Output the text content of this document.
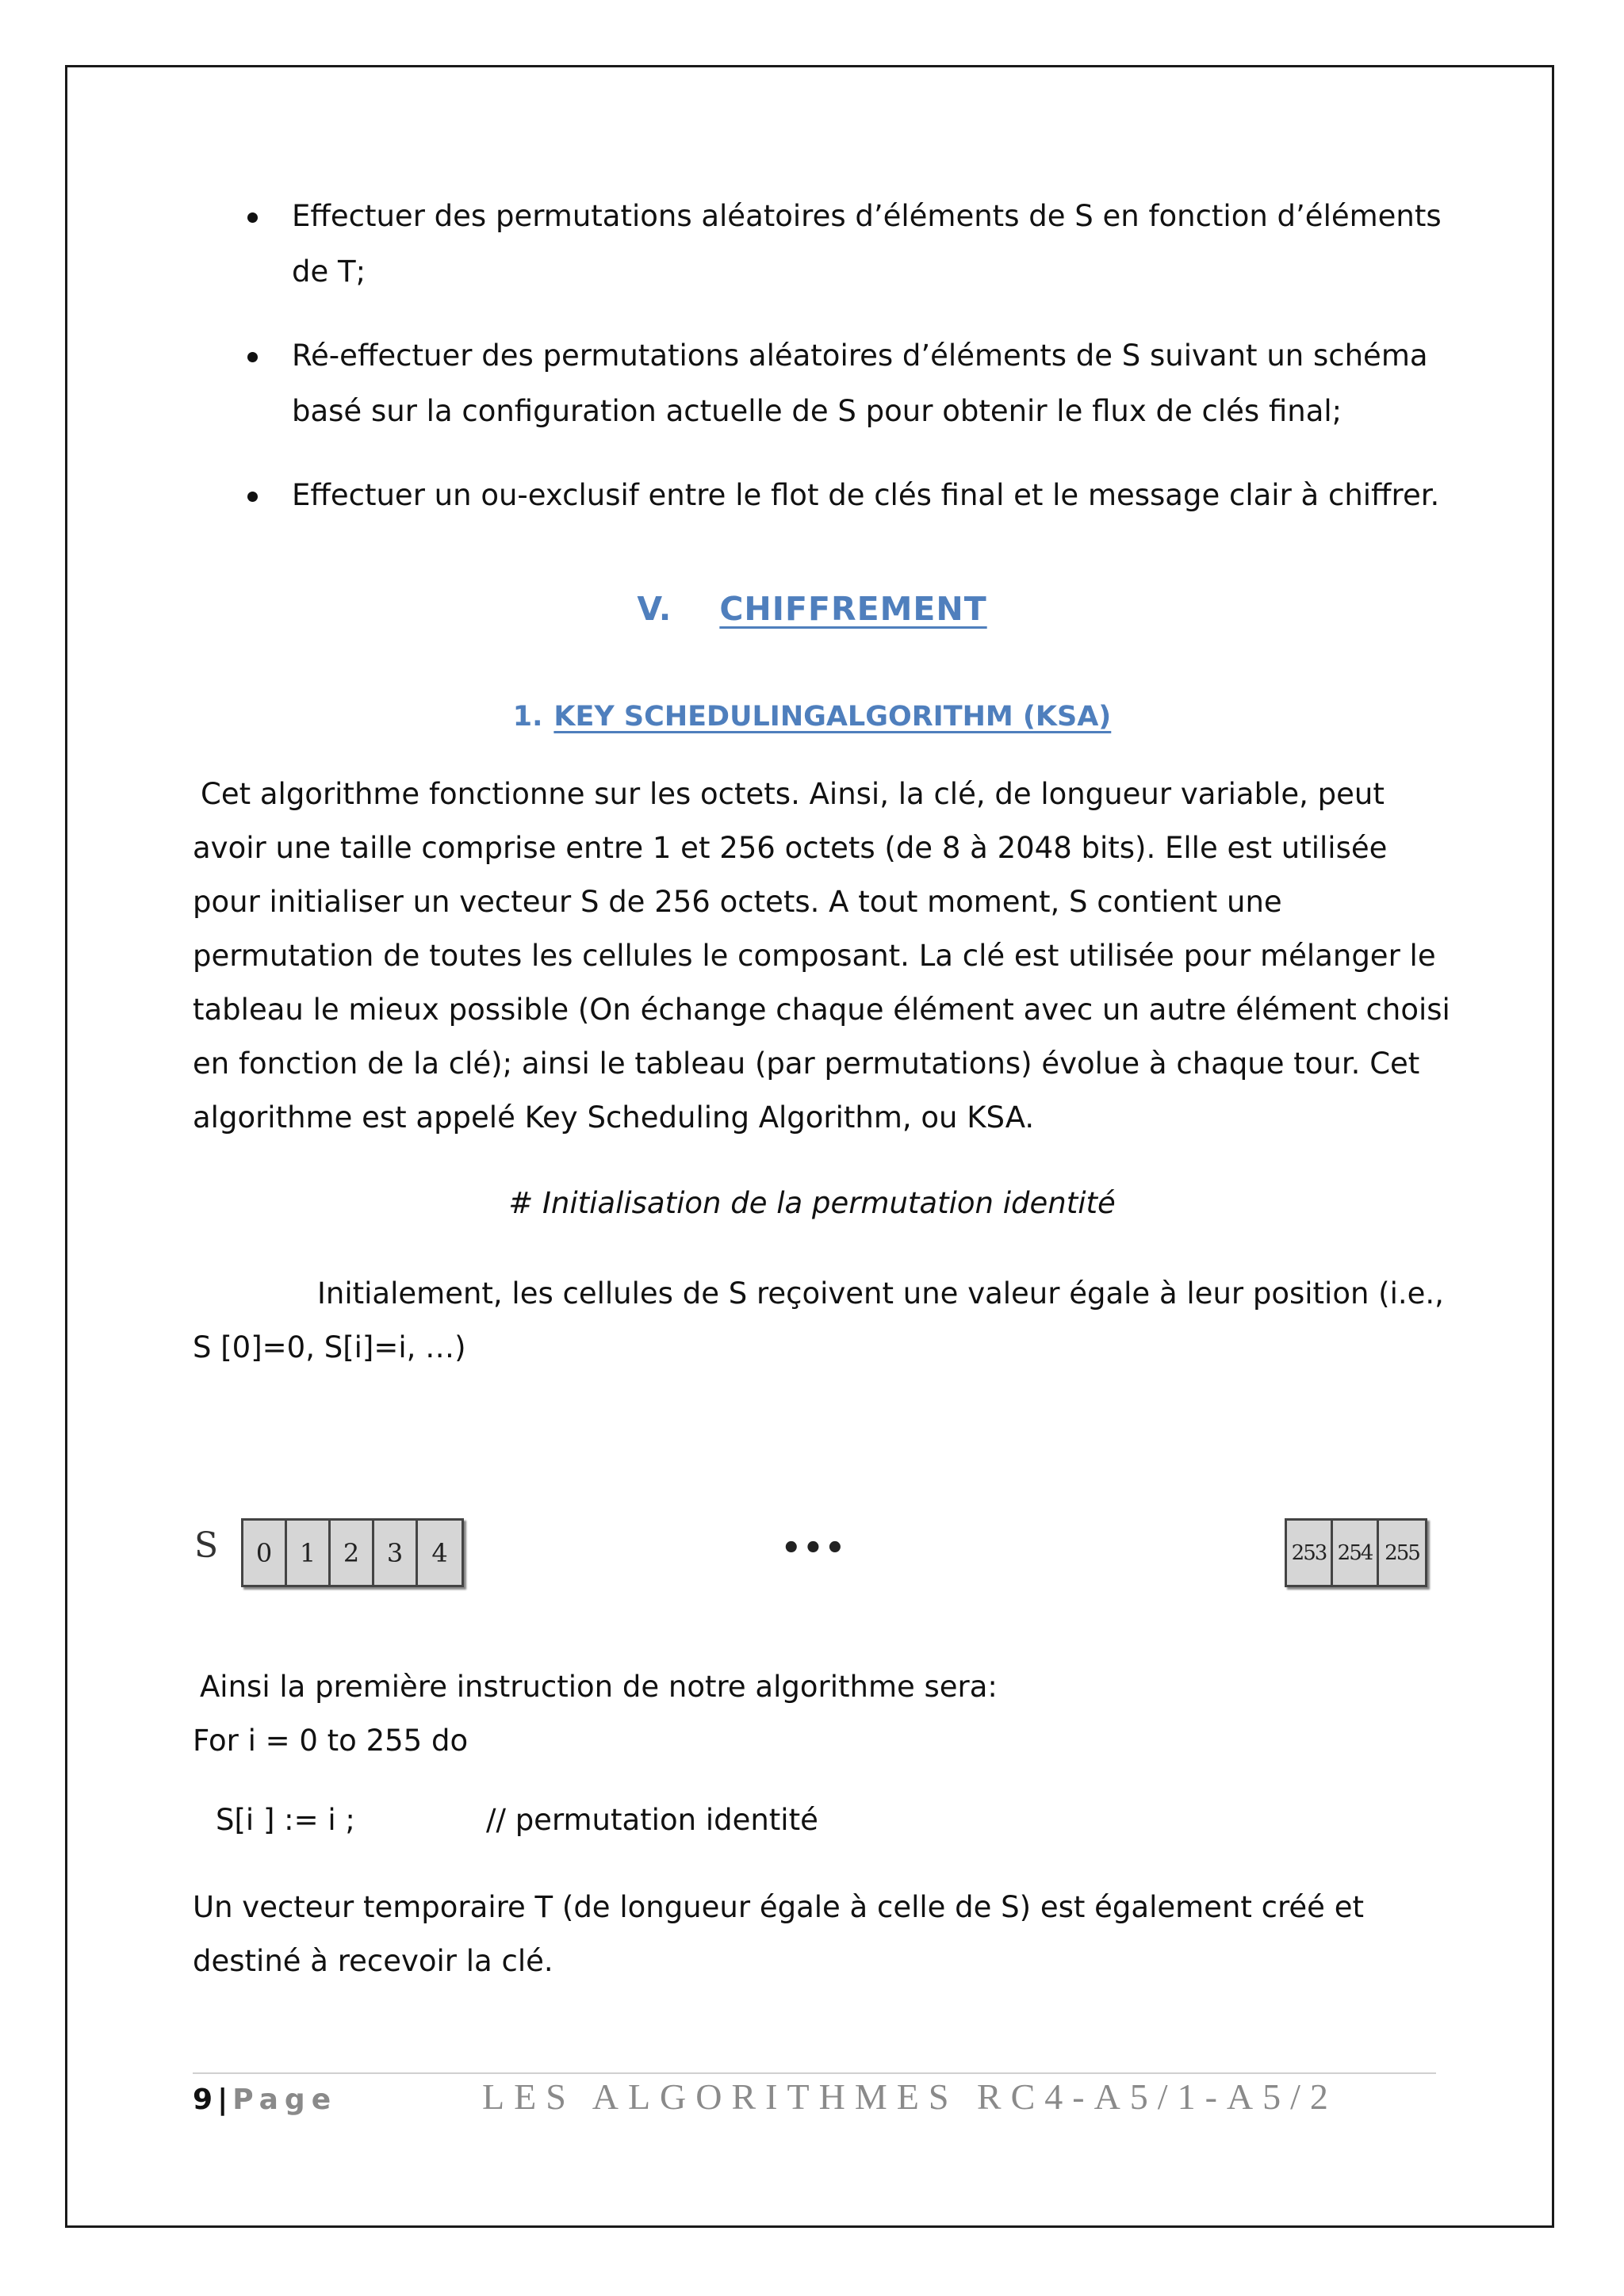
Effectuer des permutations aléatoires d’éléments de S en fonction d’éléments de T;
Ré-effectuer des permutations aléatoires d’éléments de S suivant un schéma basé sur la configuration actuelle de S pour obtenir le flux de clés final;
Effectuer un ou-exclusif entre le flot de clés final et le message clair à chiffrer.
V. CHIFFREMENT
1. KEY SCHEDULINGALGORITHM (KSA)

Cet algorithme fonctionne sur les octets. Ainsi, la clé, de longueur variable, peut avoir une taille comprise entre 1 et 256 octets (de 8 à 2048 bits). Elle est utilisée pour initialiser un vecteur S de 256 octets. A tout moment, S contient une permutation de toutes les cellules le composant. La clé est utilisée pour mélanger le tableau le mieux possible (On échange chaque élément avec un autre élément choisi en fonction de la clé); ainsi le tableau (par permutations) évolue à chaque tour. Cet algorithme est appelé Key Scheduling Algorithm, ou KSA.

# Initialisation de la permutation identité

Initialement, les cellules de S reçoivent une valeur égale à leur position (i.e., S [0]=0, S[i]=i, …)

S	0	1	2	3	4	•••	253 254 255
Ainsi la première instruction de notre algorithme sera:
For i = 0 to 255 do
S[i ] := i ;	// permutation identité

Un vecteur temporaire T (de longueur égale à celle de S) est également créé et destiné à recevoir la clé.

9 | Page	LES ALGORITHMES RC4-A5/1-A5/2
